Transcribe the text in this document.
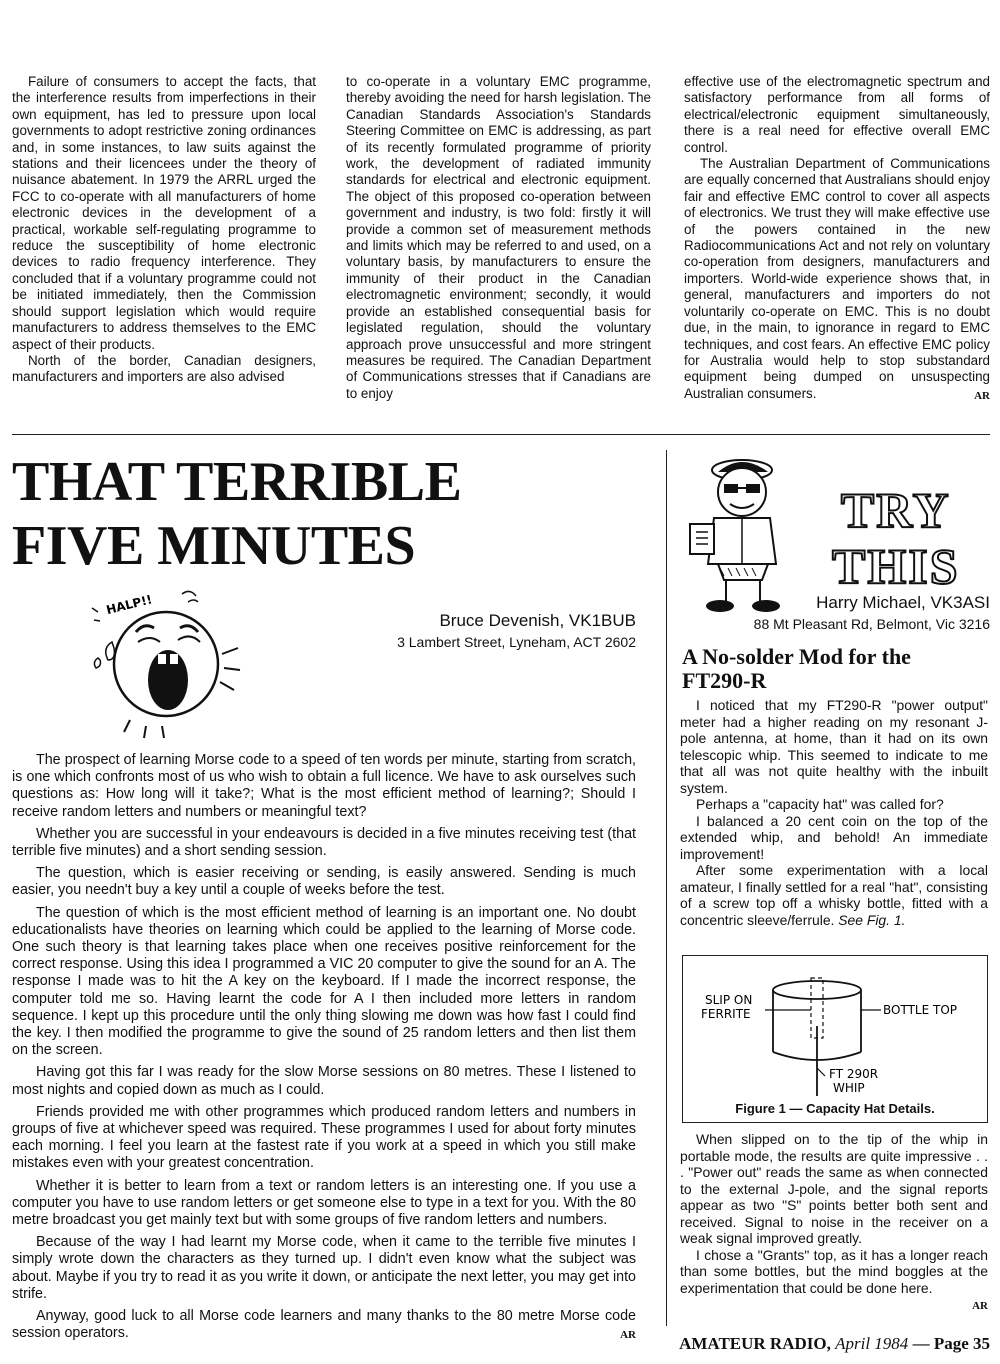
Failure of consumers to accept the facts, that the interference results from imperfections in their own equipment, has led to pressure upon local governments to adopt restrictive zoning ordinances and, in some instances, to law suits against the stations and their licencees under the theory of nuisance abatement. In 1979 the ARRL urged the FCC to co-operate with all manufacturers of home electronic devices in the development of a practical, workable self-regulating programme to reduce the susceptibility of home electronic devices to radio frequency interference. They concluded that if a voluntary programme could not be initiated immediately, then the Commission should support legislation which would require manufacturers to address themselves to the EMC aspect of their products.

North of the border, Canadian designers, manufacturers and importers are also advised

to co-operate in a voluntary EMC programme, thereby avoiding the need for harsh legislation. The Canadian Standards Association's Standards Steering Committee on EMC is addressing, as part of its recently formulated programme of priority work, the development of radiated immunity standards for electrical and electronic equipment. The object of this proposed co-operation between government and industry, is two fold: firstly it will provide a common set of measurement methods and limits which may be referred to and used, on a voluntary basis, by manufacturers to ensure the immunity of their product in the Canadian electromagnetic environment; secondly, it would provide an established consequential basis for legislated regulation, should the voluntary approach prove unsuccessful and more stringent measures be required. The Canadian Department of Communications stresses that if Canadians are to enjoy

effective use of the electromagnetic spectrum and satisfactory performance from all forms of electrical/electronic equipment simultaneously, there is a real need for effective overall EMC control.

The Australian Department of Communications are equally concerned that Australians should enjoy fair and effective EMC control to cover all aspects of electronics. We trust they will make effective use of the powers contained in the new Radiocommunications Act and not rely on voluntary co-operation from designers, manufacturers and importers. World-wide experience shows that, in general, manufacturers and importers do not voluntarily co-operate on EMC. This is no doubt due, in the main, to ignorance in regard to EMC techniques, and cost fears. An effective EMC policy for Australia would help to stop substandard equipment being dumped on unsuspecting Australian consumers.	AR

THAT TERRIBLE
FIVE MINUTES
HALP!!
Bruce Devenish, VK1BUB
3 Lambert Street, Lyneham, ACT 2602

The prospect of learning Morse code to a speed of ten words per minute, starting from scratch, is one which confronts most of us who wish to obtain a full licence. We have to ask ourselves such questions as: How long will it take?; What is the most efficient method of learning?; Should I receive random letters and numbers or meaningful text?

Whether you are successful in your endeavours is decided in a five minutes receiving test (that terrible five minutes) and a short sending session.

The question, which is easier receiving or sending, is easily answered. Sending is much easier, you needn't buy a key until a couple of weeks before the test.

The question of which is the most efficient method of learning is an important one. No doubt educationalists have theories on learning which could be applied to the learning of Morse code. One such theory is that learning takes place when one receives positive reinforcement for the correct response. Using this idea I programmed a VIC 20 computer to give the sound for an A. The response I made was to hit the A key on the keyboard. If I made the incorrect response, the computer told me so. Having learnt the code for A I then included more letters in random sequence. I kept up this procedure until the only thing slowing me down was how fast I could find the key. I then modified the programme to give the sound of 25 random letters and then list them on the screen.

Having got this far I was ready for the slow Morse sessions on 80 metres. These I listened to most nights and copied down as much as I could.

Friends provided me with other programmes which produced random letters and numbers in groups of five at whichever speed was required. These programmes I used for about forty minutes each morning. I feel you learn at the fastest rate if you work at a speed in which you still make mistakes even with your greatest concentration.

Whether it is better to learn from a text or random letters is an interesting one. If you use a computer you have to use random letters or get someone else to type in a text for you. With the 80 metre broadcast you get mainly text but with some groups of five random letters and numbers.

Because of the way I had learnt my Morse code, when it came to the terrible five minutes I simply wrote down the characters as they turned up. I didn't even know what the subject was about. Maybe if you try to read it as you write it down, or anticipate the next letter, you may get into strife.

Anyway, good luck to all Morse code learners and many thanks to the 80 metre Morse code session operators.	AR

TRY
THIS
Harry Michael, VK3ASI
88 Mt Pleasant Rd, Belmont, Vic 3216
A No-solder Mod for the
FT290-R

I noticed that my FT290-R "power output" meter had a higher reading on my resonant J-pole antenna, at home, than it had on its own telescopic whip. This seemed to indicate to me that all was not quite healthy with the inbuilt system.

Perhaps a "capacity hat" was called for?

I balanced a 20 cent coin on the top of the extended whip, and behold! An immediate improvement!

After some experimentation with a local amateur, I finally settled for a real "hat", consisting of a screw top off a whisky bottle, fitted with a concentric sleeve/ferrule. See Fig. 1.

SLIP ON
FERRITE	BOTTLE TOP
FT 290R
WHIP
Figure 1 — Capacity Hat Details.

When slipped on to the tip of the whip in portable mode, the results are quite impressive . . . "Power out" reads the same as when connected to the external J-pole, and the signal reports appear as two "S" points better both sent and received. Signal to noise in the receiver on a weak signal improved greatly.

I chose a "Grants" top, as it has a longer reach than some bottles, but the mind boggles at the experimentation that could be done here.

AR
AMATEUR RADIO, April 1984 — Page 35
